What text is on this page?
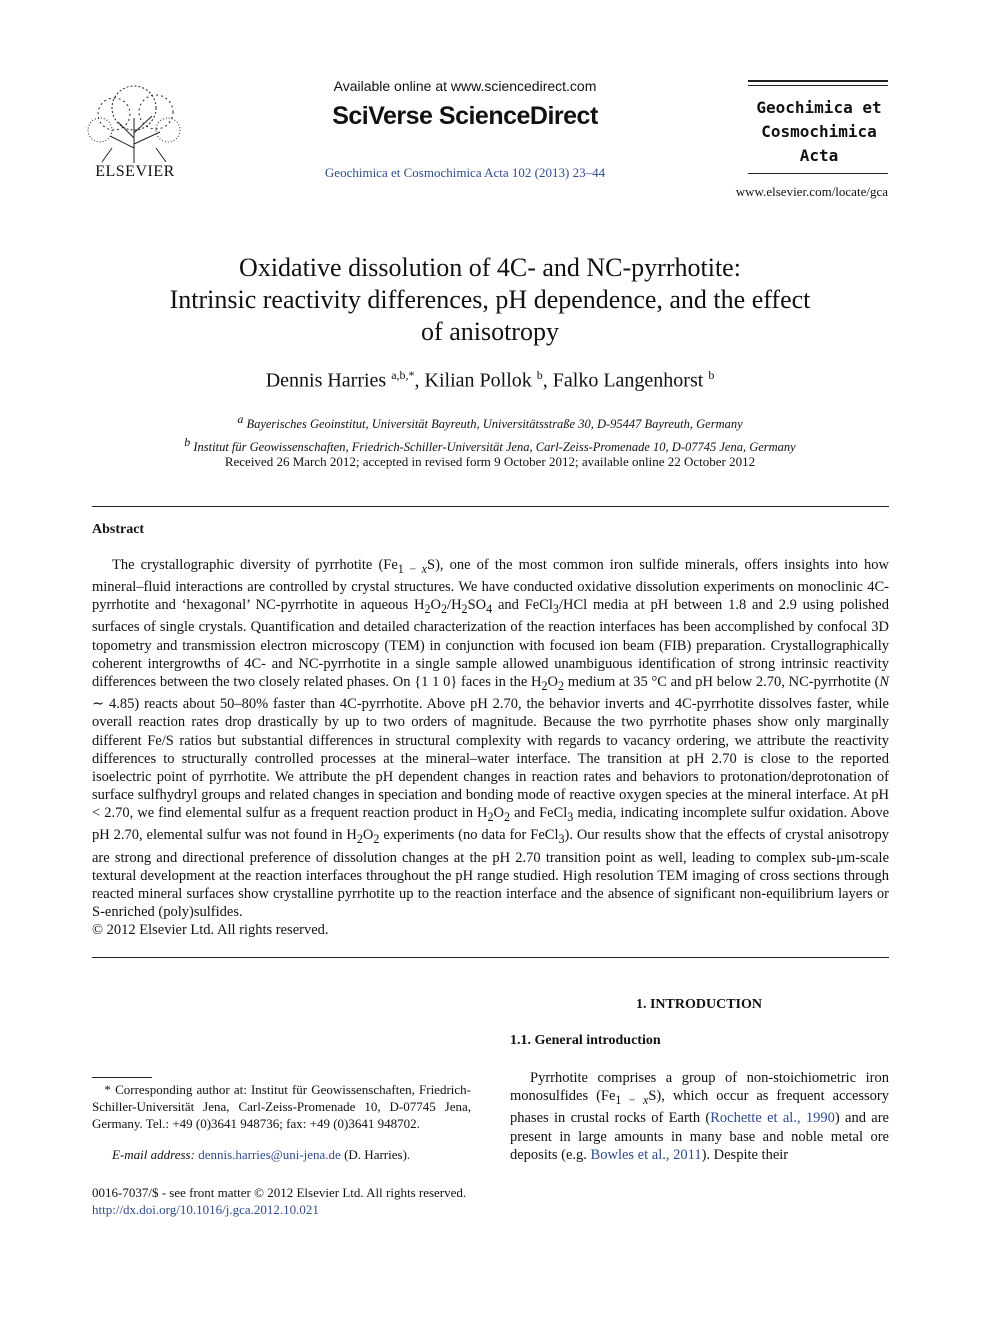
ELSEVIER
Available online at www.sciencedirect.com
SciVerse ScienceDirect
Geochimica et Cosmochimica Acta 102 (2013) 23–44
Geochimica et
Cosmochimica
Acta
www.elsevier.com/locate/gca
Oxidative dissolution of 4C- and NC-pyrrhotite:
Intrinsic reactivity differences, pH dependence, and the effect
of anisotropy
Dennis Harries $^{a,b,*}$, Kilian Pollok $^b$, Falko Langenhorst $^b$
$^a$ Bayerisches Geoinstitut, Universität Bayreuth, Universitätsstraße 30, D-95447 Bayreuth, Germany
$^b$ Institut für Geowissenschaften, Friedrich-Schiller-Universität Jena, Carl-Zeiss-Promenade 10, D-07745 Jena, Germany
Received 26 March 2012; accepted in revised form 9 October 2012; available online 22 October 2012
Abstract

The crystallographic diversity of pyrrhotite $(Fe_{1 - x}S)$, one of the most common iron sulfide minerals, offers insights into how mineral–fluid interactions are controlled by crystal structures. We have conducted oxidative dissolution experiments on monoclinic 4C-pyrrhotite and ‘hexagonal’ NC-pyrrhotite in aqueous $H_2O_2/H_2SO_4$ and FeCl$_3$/HCl media at pH between 1.8 and 2.9 using polished surfaces of single crystals. Quantification and detailed characterization of the reaction interfaces has been accomplished by confocal 3D topometry and transmission electron microscopy (TEM) in conjunction with focused ion beam (FIB) preparation. Crystallographically coherent intergrowths of 4C- and NC-pyrrhotite in a single sample allowed unambiguous identification of strong intrinsic reactivity differences between the two closely related phases. On {1 1 0} faces in the $H_2O_2$ medium at 35 °C and pH below 2.70, NC-pyrrhotite (N ∼ 4.85) reacts about 50–80% faster than 4C-pyrrhotite. Above pH 2.70, the behavior inverts and 4C-pyrrhotite dissolves faster, while overall reaction rates drop drastically by up to two orders of magnitude. Because the two pyrrhotite phases show only marginally different Fe/S ratios but substantial differences in structural complexity with regards to vacancy ordering, we attribute the reactivity differences to structurally controlled processes at the mineral–water interface. The transition at pH 2.70 is close to the reported isoelectric point of pyrrhotite. We attribute the pH dependent changes in reaction rates and behaviors to protonation/deprotonation of surface sulfhydryl groups and related changes in speciation and bonding mode of reactive oxygen species at the mineral interface. At pH < 2.70, we find elemental sulfur as a frequent reaction product in $H_2O_2$ and FeCl$_3$ media, indicating incomplete sulfur oxidation. Above pH 2.70, elemental sulfur was not found in $H_2O_2$ experiments (no data for FeCl$_3$). Our results show that the effects of crystal anisotropy are strong and directional preference of dissolution changes at the pH 2.70 transition point as well, leading to complex sub-μm-scale textural development at the reaction interfaces throughout the pH range studied. High resolution TEM imaging of cross sections through reacted mineral surfaces show crystalline pyrrhotite up to the reaction interface and the absence of significant non-equilibrium layers or S-enriched (poly)sulfides.

© 2012 Elsevier Ltd. All rights reserved.
1. INTRODUCTION
1.1. General introduction

Pyrrhotite comprises a group of non-stoichiometric iron monosulfides $(Fe_{1 - x}S)$, which occur as frequent accessory phases in crustal rocks of Earth (Rochette et al., 1990) and are present in large amounts in many base and noble metal ore deposits (e.g. Bowles et al., 2011). Despite their

* Corresponding author at: Institut für Geowissenschaften, Friedrich-Schiller-Universität Jena, Carl-Zeiss-Promenade 10, D-07745 Jena, Germany. Tel.: +49 (0)3641 948736; fax: +49 (0)3641 948702.

E-mail address: dennis.harries@uni-jena.de (D. Harries).
0016-7037/$ - see front matter © 2012 Elsevier Ltd. All rights reserved.
http://dx.doi.org/10.1016/j.gca.2012.10.021
